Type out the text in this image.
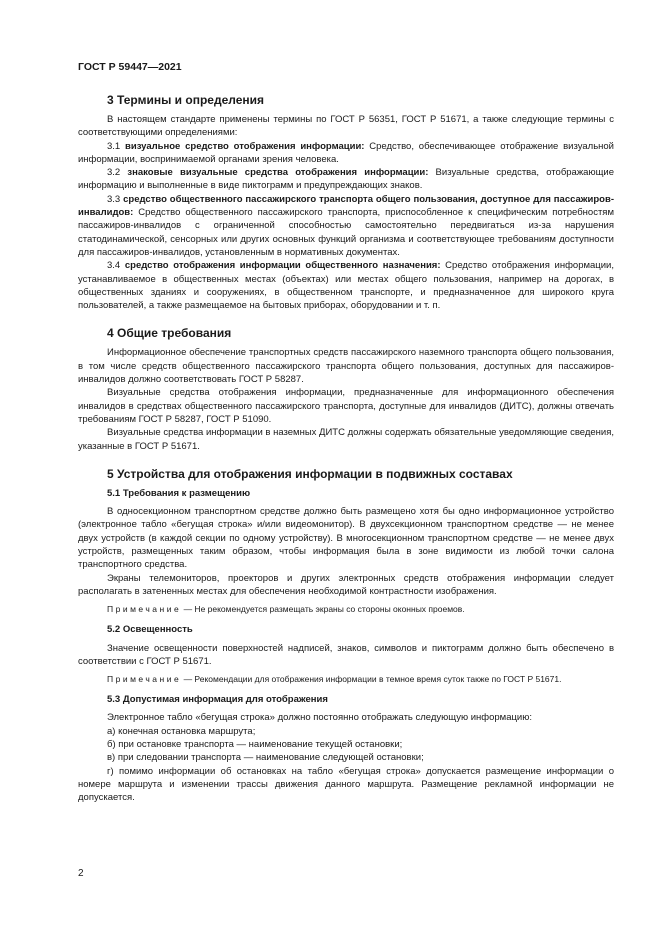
ГОСТ Р 59447—2021
3 Термины и определения

В настоящем стандарте применены термины по ГОСТ Р 56351, ГОСТ Р 51671, а также следующие термины с соответствующими определениями:

3.1 визуальное средство отображения информации: Средство, обеспечивающее отображение визуальной информации, воспринимаемой органами зрения человека.

3.2 знаковые визуальные средства отображения информации: Визуальные средства, отображающие информацию и выполненные в виде пиктограмм и предупреждающих знаков.

3.3 средство общественного пассажирского транспорта общего пользования, доступное для пассажиров-инвалидов: Средство общественного пассажирского транспорта, приспособленное к специфическим потребностям пассажиров-инвалидов с ограниченной способностью самостоятельно передвигаться из-за нарушения статодинамической, сенсорных или других основных функций организма и соответствующее требованиям доступности для пассажиров-инвалидов, установленным в нормативных документах.

3.4 средство отображения информации общественного назначения: Средство отображения информации, устанавливаемое в общественных местах (объектах) или местах общего пользования, например на дорогах, в общественных зданиях и сооружениях, в общественном транспорте, и предназначенное для широкого круга пользователей, а также размещаемое на бытовых приборах, оборудовании и т. п.

4 Общие требования

Информационное обеспечение транспортных средств пассажирского наземного транспорта общего пользования, в том числе средств общественного пассажирского транспорта общего пользования, доступных для пассажиров-инвалидов должно соответствовать ГОСТ Р 58287.

Визуальные средства отображения информации, предназначенные для информационного обеспечения инвалидов в средствах общественного пассажирского транспорта, доступные для инвалидов (ДИТС), должны отвечать требованиям ГОСТ Р 58287, ГОСТ Р 51090.

Визуальные средства информации в наземных ДИТС должны содержать обязательные уведомляющие сведения, указанные в ГОСТ Р 51671.

5 Устройства для отображения информации в подвижных составах
5.1 Требования к размещению

В односекционном транспортном средстве должно быть размещено хотя бы одно информационное устройство (электронное табло «бегущая строка» и/или видеомонитор). В двухсекционном транспортном средстве — не менее двух устройств (в каждой секции по одному устройству). В многосекционном транспортном средстве — не менее двух устройств, размещенных таким образом, чтобы информация была в зоне видимости из любой точки салона транспортного средства.

Экраны телемониторов, проекторов и других электронных средств отображения информации следует располагать в затененных местах для обеспечения необходимой контрастности изображения.

Примечание — Не рекомендуется размещать экраны со стороны оконных проемов.

5.2 Освещенность

Значение освещенности поверхностей надписей, знаков, символов и пиктограмм должно быть обеспечено в соответствии с ГОСТ Р 51671.

Примечание — Рекомендации для отображения информации в темное время суток также по ГОСТ Р 51671.

5.3 Допустимая информация для отображения

Электронное табло «бегущая строка» должно постоянно отображать следующую информацию:

а) конечная остановка маршрута;

б) при остановке транспорта — наименование текущей остановки;

в) при следовании транспорта — наименование следующей остановки;

г) помимо информации об остановках на табло «бегущая строка» допускается размещение информации о номере маршрута и изменении трассы движения данного маршрута. Размещение рекламной информации не допускается.

2
